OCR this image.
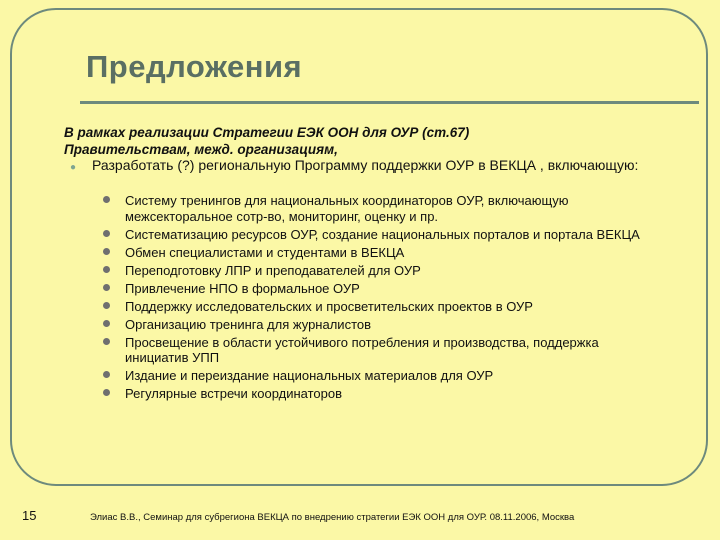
Предложения
В рамках реализации Стратегии ЕЭК ООН для ОУР (ст.67)
Правительствам, межд. организациям,
● Разработать (?) региональную Программу поддержки ОУР в ВЕКЦА , включающую:
Систему тренингов для национальных координаторов ОУР, включающую межсекторальное сотр-во, мониторинг, оценку и пр.
Систематизацию ресурсов ОУР, создание национальных порталов и портала ВЕКЦА
Обмен специалистами и студентами в ВЕКЦА
Переподготовку ЛПР и преподавателей для ОУР
Привлечение НПО в формальное ОУР
Поддержку исследовательских и просветительских проектов в ОУР
Организацию тренинга для журналистов
Просвещение в области устойчивого потребления и производства, поддержка инициатив УПП
Издание и переиздание национальных материалов для ОУР
Регулярные встречи координаторов
15	Элиас В.В., Семинар для субрегиона ВЕКЦА по внедрению стратегии ЕЭК ООН для ОУР. 08.11.2006, Москва
